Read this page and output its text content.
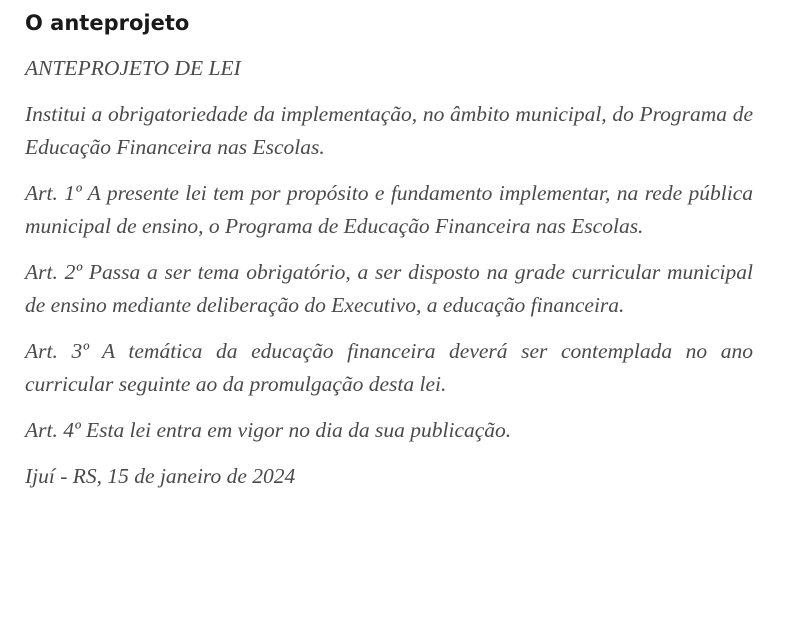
O anteprojeto

ANTEPROJETO DE LEI

Institui a obrigatoriedade da implementação, no âmbito municipal, do Programa de Educação Financeira nas Escolas.

Art. 1º A presente lei tem por propósito e fundamento implementar, na rede pública municipal de ensino, o Programa de Educação Financeira nas Escolas.

Art. 2º Passa a ser tema obrigatório, a ser disposto na grade curricular municipal de ensino mediante deliberação do Executivo, a educação financeira.

Art. 3º A temática da educação financeira deverá ser contemplada no ano curricular seguinte ao da promulgação desta lei.

Art. 4º Esta lei entra em vigor no dia da sua publicação.

Ijuí - RS, 15 de janeiro de 2024
